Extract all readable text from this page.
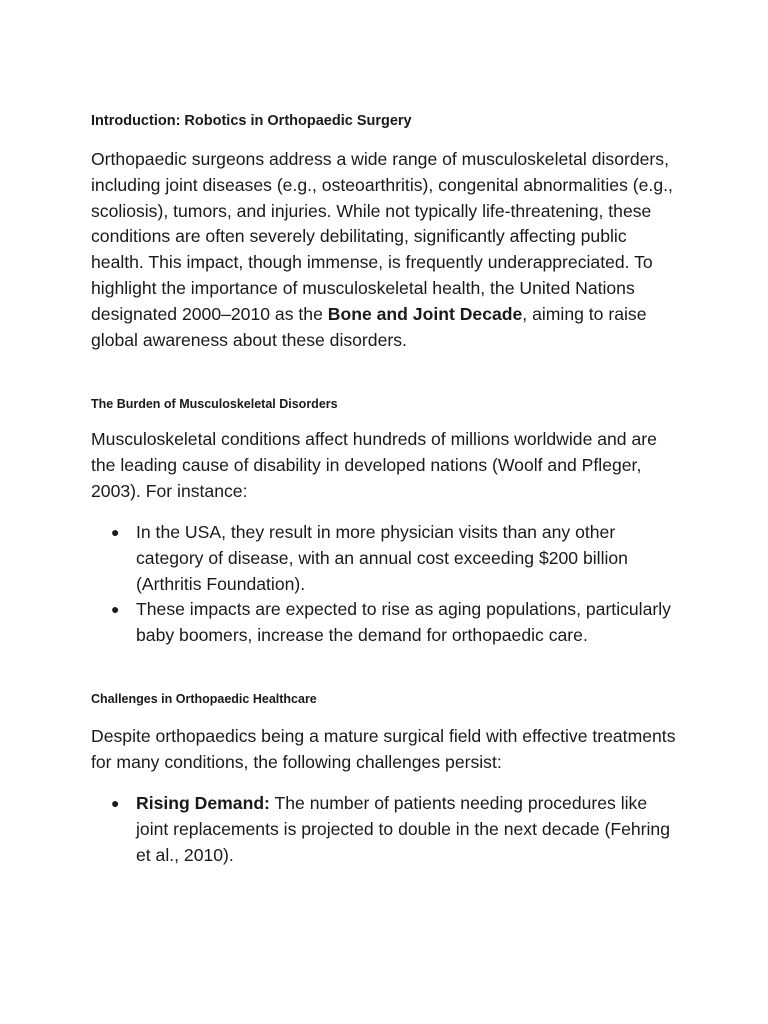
Introduction: Robotics in Orthopaedic Surgery

Orthopaedic surgeons address a wide range of musculoskeletal disorders, including joint diseases (e.g., osteoarthritis), congenital abnormalities (e.g., scoliosis), tumors, and injuries. While not typically life-threatening, these conditions are often severely debilitating, significantly affecting public health. This impact, though immense, is frequently underappreciated. To highlight the importance of musculoskeletal health, the United Nations designated 2000–2010 as the Bone and Joint Decade, aiming to raise global awareness about these disorders.

The Burden of Musculoskeletal Disorders

Musculoskeletal conditions affect hundreds of millions worldwide and are the leading cause of disability in developed nations (Woolf and Pfleger, 2003). For instance:

● In the USA, they result in more physician visits than any other category of disease, with an annual cost exceeding $200 billion (Arthritis Foundation).
● These impacts are expected to rise as aging populations, particularly baby boomers, increase the demand for orthopaedic care.
Challenges in Orthopaedic Healthcare

Despite orthopaedics being a mature surgical field with effective treatments for many conditions, the following challenges persist:

● Rising Demand: The number of patients needing procedures like joint replacements is projected to double in the next decade (Fehring et al., 2010).
